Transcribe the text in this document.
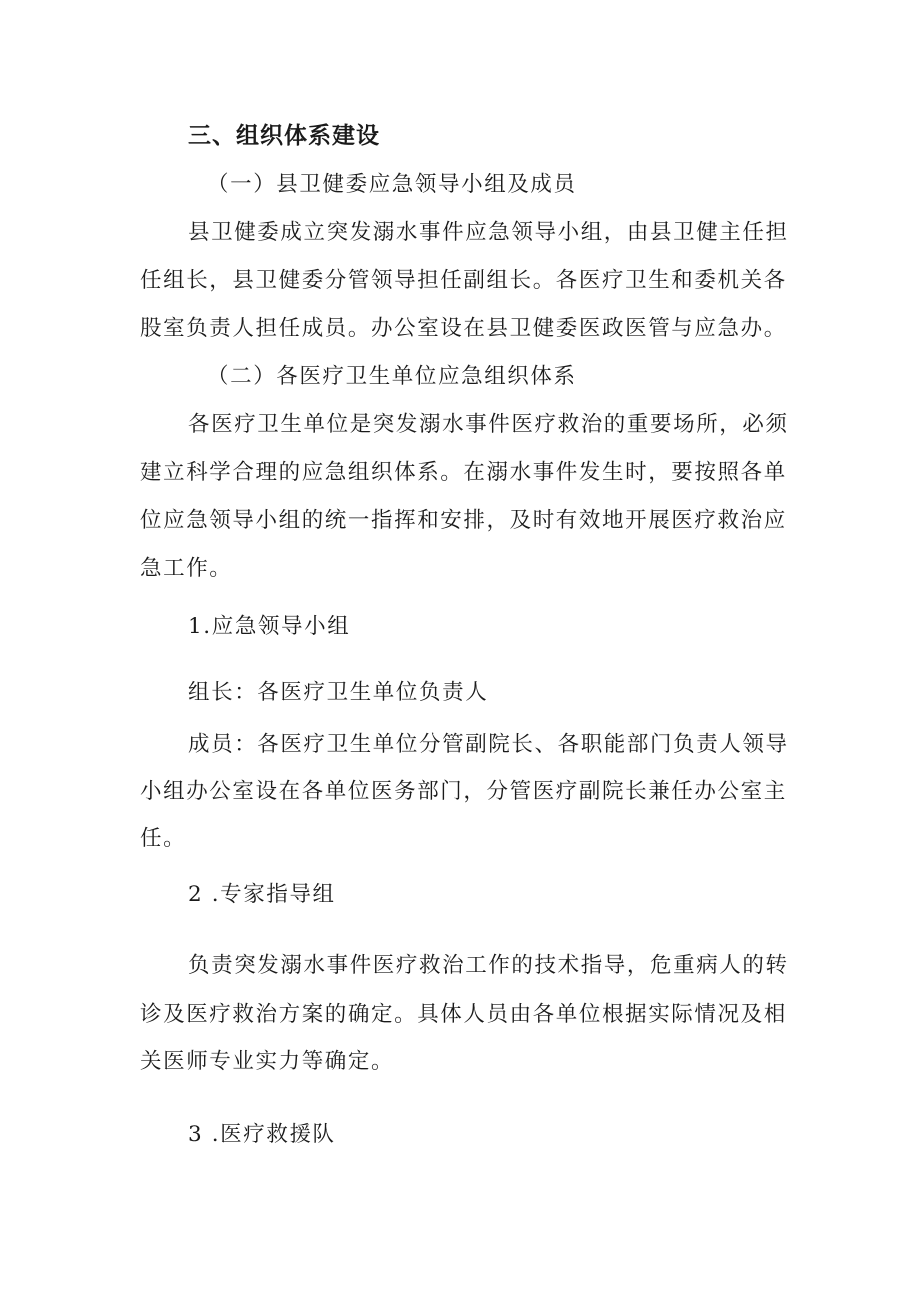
三、组织体系建设
（一）县卫健委应急领导小组及成员
县卫健委成立突发溺水事件应急领导小组，由县卫健主任担
任组长，县卫健委分管领导担任副组长。各医疗卫生和委机关各
股室负责人担任成员。办公室设在县卫健委医政医管与应急办。
（二）各医疗卫生单位应急组织体系
各医疗卫生单位是突发溺水事件医疗救治的重要场所，必须
建立科学合理的应急组织体系。在溺水事件发生时，要按照各单
位应急领导小组的统一指挥和安排，及时有效地开展医疗救治应
急工作。
1.应急领导小组
组长：各医疗卫生单位负责人
成员：各医疗卫生单位分管副院长、各职能部门负责人领导
小组办公室设在各单位医务部门，分管医疗副院长兼任办公室主
任。
2 .专家指导组
负责突发溺水事件医疗救治工作的技术指导，危重病人的转
诊及医疗救治方案的确定。具体人员由各单位根据实际情况及相
关医师专业实力等确定。
3 .医疗救援队
